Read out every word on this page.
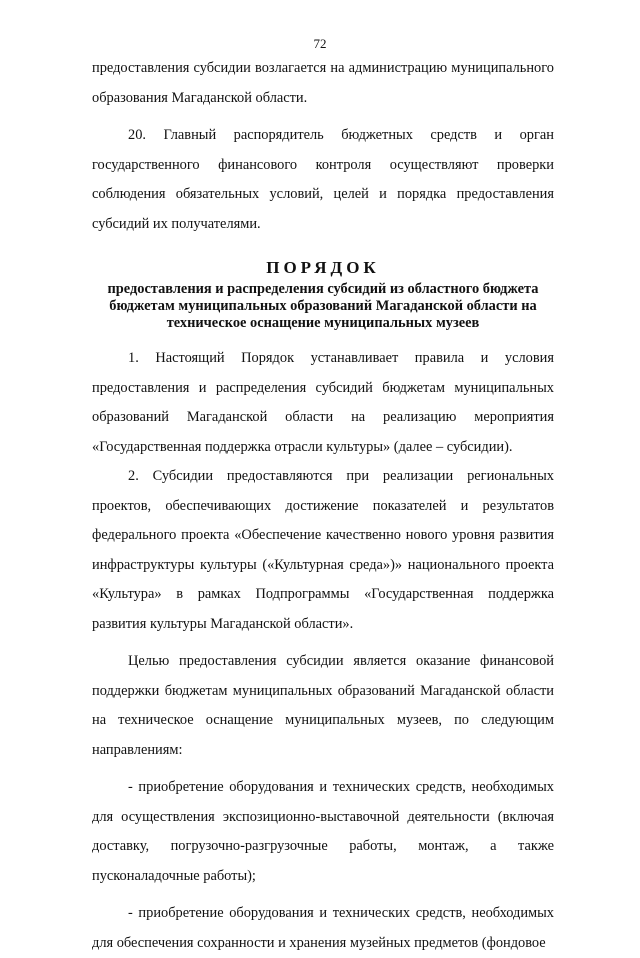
72

предоставления субсидии возлагается на администрацию муниципального образования Магаданской области.

20. Главный распорядитель бюджетных средств и орган государственного финансового контроля осуществляют проверки соблюдения обязательных условий, целей и порядка предоставления субсидий их получателями.

ПОРЯДОК
предоставления и распределения субсидий из областного бюджета бюджетам муниципальных образований Магаданской области на техническое оснащение муниципальных музеев

1. Настоящий Порядок устанавливает правила и условия предоставления и распределения субсидий бюджетам муниципальных образований Магаданской области на реализацию мероприятия «Государственная поддержка отрасли культуры» (далее – субсидии).

2. Субсидии предоставляются при реализации региональных проектов, обеспечивающих достижение показателей и результатов федерального проекта «Обеспечение качественно нового уровня развития инфраструктуры культуры («Культурная среда»)» национального проекта «Культура» в рамках Подпрограммы «Государственная поддержка развития культуры Магаданской области».

Целью предоставления субсидии является оказание финансовой поддержки бюджетам муниципальных образований Магаданской области на техническое оснащение муниципальных музеев, по следующим направлениям:

- приобретение оборудования и технических средств, необходимых для осуществления экспозиционно-выставочной деятельности (включая доставку, погрузочно-разгрузочные работы, монтаж, а также пусконаладочные работы);

- приобретение оборудования и технических средств, необходимых для обеспечения сохранности и хранения музейных предметов (фондовое
